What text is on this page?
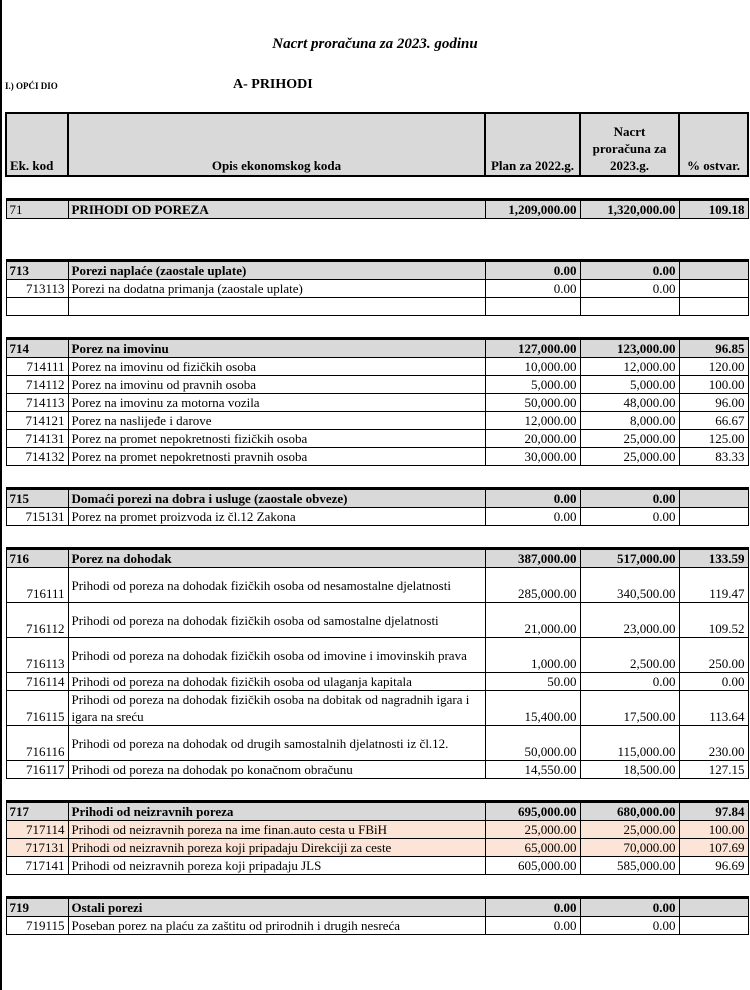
Nacrt proračuna za 2023. godinu
I.) OPĆI DIO	A- PRIHODI
Ek. kod	Opis ekonomskog koda	Plan za 2022.g.	Nacrt proračuna za 2023.g.	% ostvar.

71	PRIHODI OD POREZA	1,209,000.00	1,320,000.00	109.18

713	Porezi naplaće (zaostale uplate)	0.00	0.00	
713113	Porezi na dodatna primanja (zaostale uplate)	0.00	0.00	

714	Porez na imovinu	127,000.00	123,000.00	96.85
714111	Porez na imovinu od fizičkih osoba	10,000.00	12,000.00	120.00
714112	Porez na imovinu od pravnih osoba	5,000.00	5,000.00	100.00
714113	Porez na imovinu za motorna vozila	50,000.00	48,000.00	96.00
714121	Porez na naslijeđe i darove	12,000.00	8,000.00	66.67
714131	Porez na promet nepokretnosti fizičkih osoba	20,000.00	25,000.00	125.00
714132	Porez na promet nepokretnosti pravnih osoba	30,000.00	25,000.00	83.33

715	Domaći porezi na dobra i usluge (zaostale obveze)	0.00	0.00	
715131	Porez na promet proizvoda iz čl.12 Zakona	0.00	0.00	

716	Porez na dohodak	387,000.00	517,000.00	133.59
716111	Prihodi od poreza na dohodak fizičkih osoba od nesamostalne djelatnosti	285,000.00	340,500.00	119.47
716112	Prihodi od poreza na dohodak fizičkih osoba od samostalne djelatnosti	21,000.00	23,000.00	109.52
716113	Prihodi od poreza na dohodak fizičkih osoba od imovine i imovinskih prava	1,000.00	2,500.00	250.00
716114	Prihodi od poreza na dohodak fizičkih osoba od ulaganja kapitala	50.00	0.00	0.00
716115	Prihodi od poreza na dohodak fizičkih osoba na dobitak od nagradnih igara i igara na sreću	15,400.00	17,500.00	113.64
716116	Prihodi od poreza na dohodak od drugih samostalnih djelatnosti iz čl.12.	50,000.00	115,000.00	230.00
716117	Prihodi od poreza na dohodak po konačnom obračunu	14,550.00	18,500.00	127.15

717	Prihodi od neizravnih poreza	695,000.00	680,000.00	97.84
717114	Prihodi od neizravnih poreza na ime finan.auto cesta u FBiH	25,000.00	25,000.00	100.00
717131	Prihodi od neizravnih poreza koji pripadaju Direkciji za ceste	65,000.00	70,000.00	107.69
717141	Prihodi od neizravnih poreza koji pripadaju JLS	605,000.00	585,000.00	96.69

719	Ostali porezi	0.00	0.00	
719115	Poseban porez na plaću za zaštitu od prirodnih i drugih nesreća	0.00	0.00	
